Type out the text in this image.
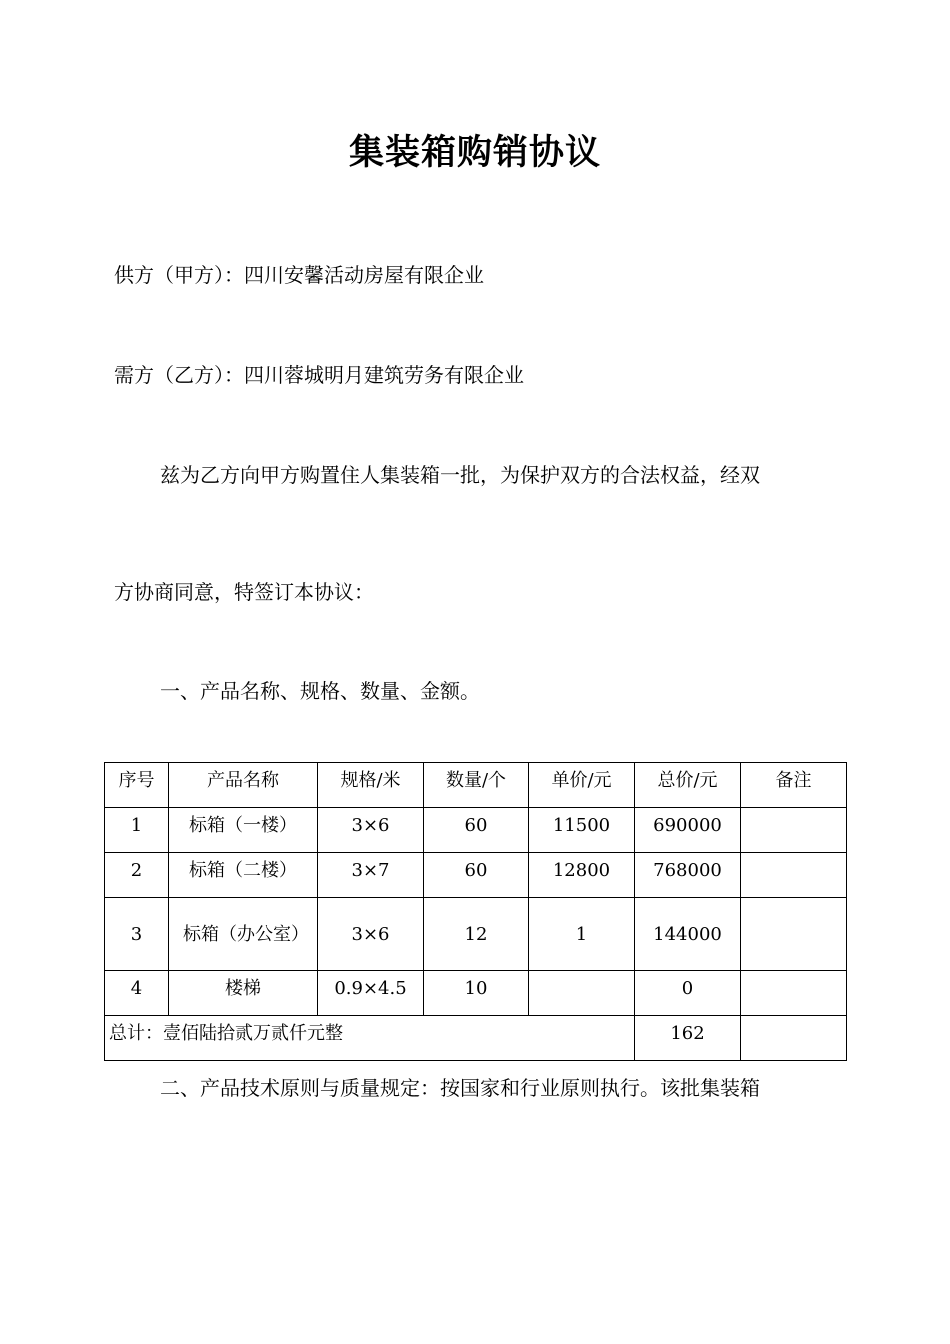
集装箱购销协议
供方（甲方）：四川安馨活动房屋有限企业
需方（乙方）：四川蓉城明月建筑劳务有限企业
兹为乙方向甲方购置住人集装箱一批，为保护双方的合法权益，经双
方协商同意，特签订本协议：
一、产品名称、规格、数量、金额。
序号	产品名称	规格/米	数量/个	单价/元	总价/元	备注
1	标箱（一楼）	3×6	60	11500	690000	
2	标箱（二楼）	3×7	60	12800	768000	
3	标箱（办公室）	3×6	12	1	144000	
4	楼梯	0.9×4.5	10		0	
总计：壹佰陆拾贰万贰仟元整					162	
二、产品技术原则与质量规定：按国家和行业原则执行。该批集装箱
